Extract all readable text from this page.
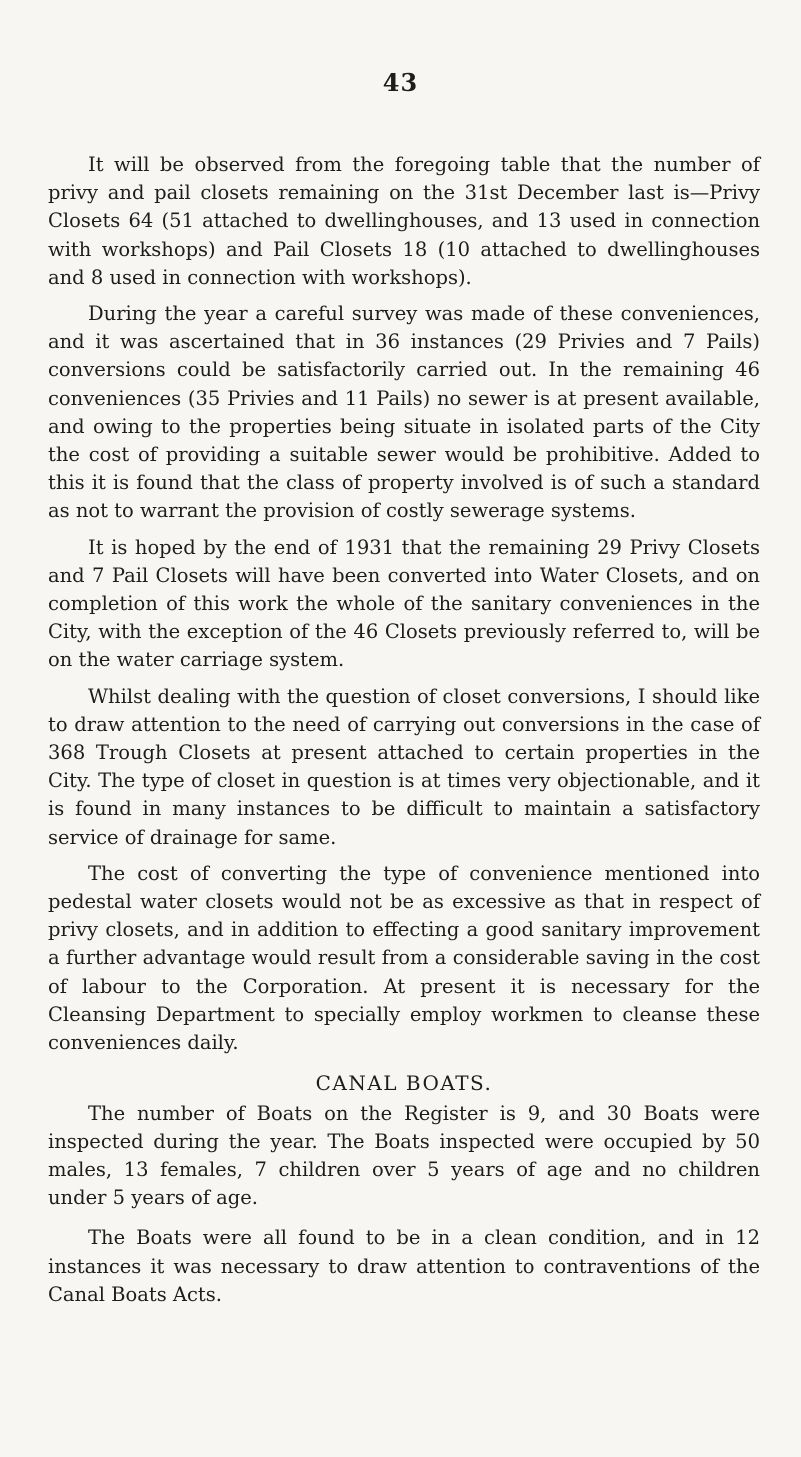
43

It will be observed from the foregoing table that the number of privy and pail closets remaining on the 31st December last is—Privy Closets 64 (51 attached to dwellinghouses, and 13 used in connection with workshops) and Pail Closets 18 (10 attached to dwellinghouses and 8 used in connection with workshops).

During the year a careful survey was made of these conveniences, and it was ascertained that in 36 instances (29 Privies and 7 Pails) conversions could be satisfactorily carried out. In the remaining 46 conveniences (35 Privies and 11 Pails) no sewer is at present available, and owing to the properties being situate in isolated parts of the City the cost of providing a suitable sewer would be prohibitive. Added to this it is found that the class of property involved is of such a standard as not to warrant the provision of costly sewerage systems.

It is hoped by the end of 1931 that the remaining 29 Privy Closets and 7 Pail Closets will have been converted into Water Closets, and on completion of this work the whole of the sanitary conveniences in the City, with the exception of the 46 Closets previously referred to, will be on the water carriage system.

Whilst dealing with the question of closet conversions, I should like to draw attention to the need of carrying out conversions in the case of 368 Trough Closets at present attached to certain properties in the City. The type of closet in question is at times very objectionable, and it is found in many instances to be difficult to maintain a satisfactory service of drainage for same.

The cost of converting the type of convenience mentioned into pedestal water closets would not be as excessive as that in respect of privy closets, and in addition to effecting a good sanitary improvement a further advantage would result from a considerable saving in the cost of labour to the Corporation. At present it is necessary for the Cleansing Department to specially employ workmen to cleanse these conveniences daily.

CANAL BOATS.

The number of Boats on the Register is 9, and 30 Boats were inspected during the year. The Boats inspected were occupied by 50 males, 13 females, 7 children over 5 years of age and no children under 5 years of age.

The Boats were all found to be in a clean condition, and in 12 instances it was necessary to draw attention to contraventions of the Canal Boats Acts.
